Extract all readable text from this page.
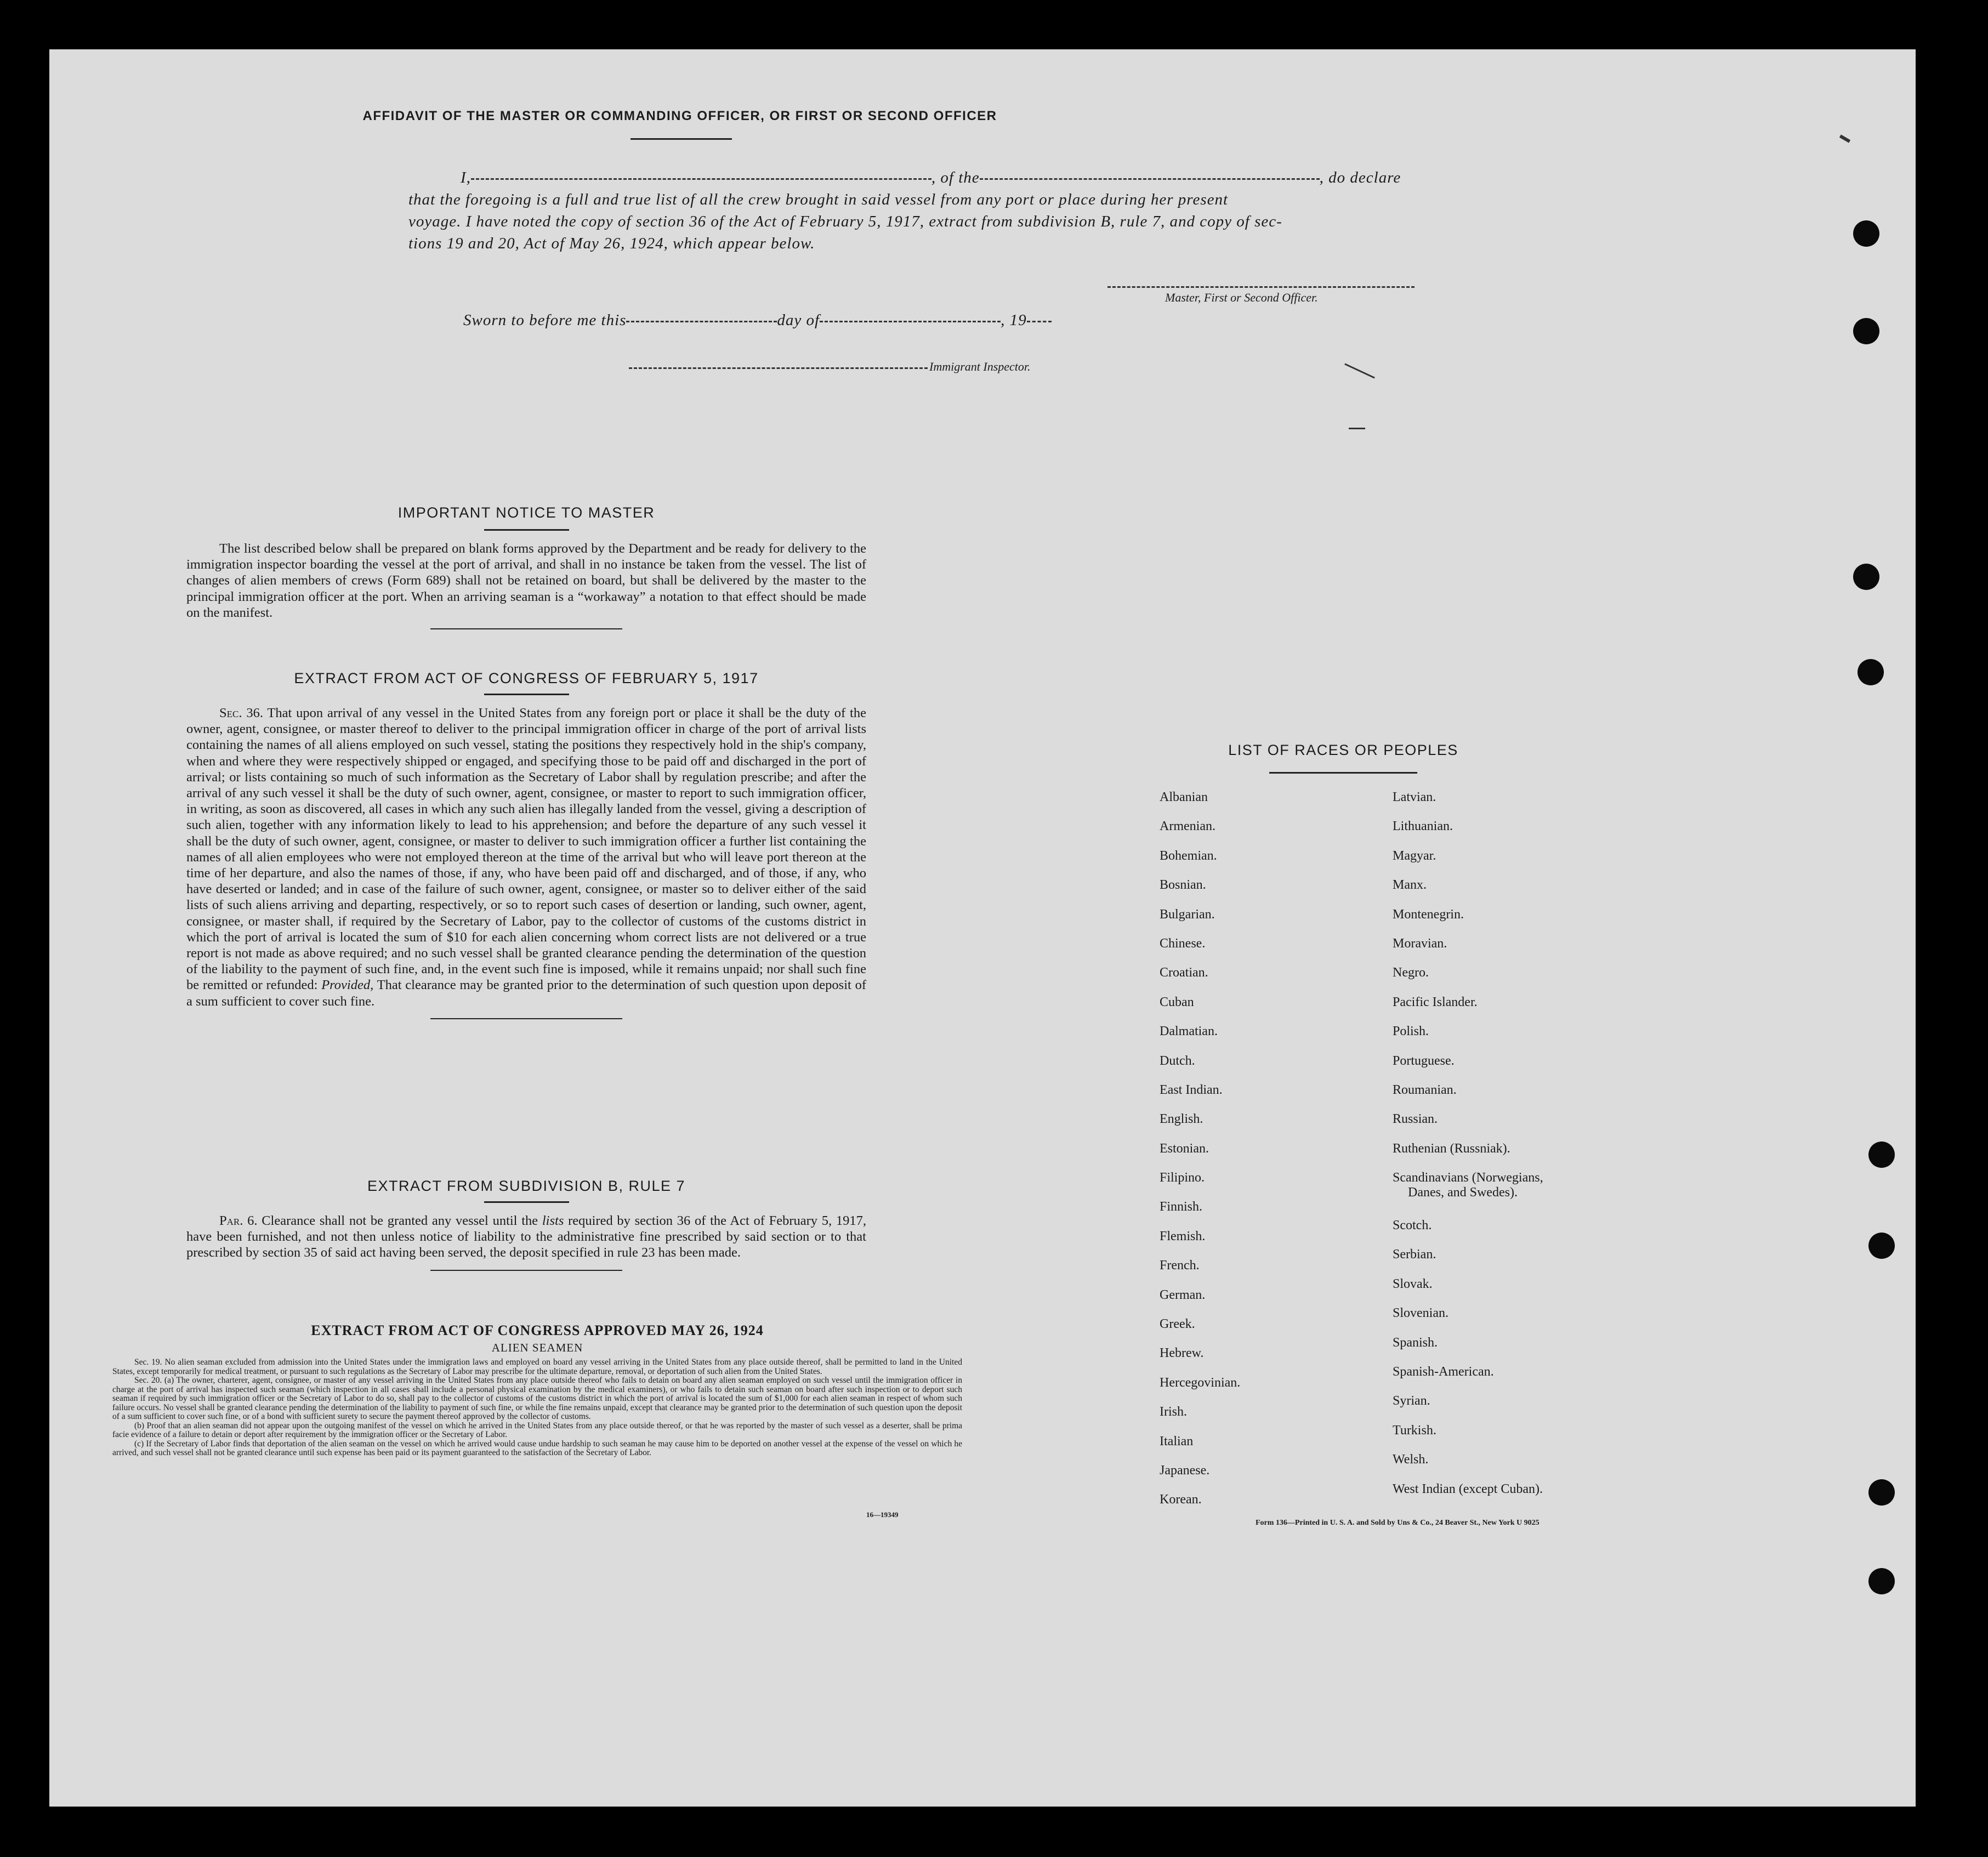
AFFIDAVIT OF THE MASTER OR COMMANDING OFFICER, OR FIRST OR SECOND OFFICER
I,	, of the	, do declare
that the foregoing is a full and true list of all the crew brought in said vessel from any port or place during her present
voyage. I have noted the copy of section 36 of the Act of February 5, 1917, extract from subdivision B, rule 7, and copy of sec-
tions 19 and 20, Act of May 26, 1924, which appear below.
Master, First or Second Officer.
Sworn to before me this	day of	, 19
Immigrant Inspector.
IMPORTANT NOTICE TO MASTER

The list described below shall be prepared on blank forms approved by the Department and be ready for delivery to the immigration inspector boarding the vessel at the port of arrival, and shall in no instance be taken from the vessel. The list of changes of alien members of crews (Form 689) shall not be retained on board, but shall be delivered by the master to the principal immigration officer at the port. When an arriving seaman is a “workaway” a notation to that effect should be made on the manifest.

EXTRACT FROM ACT OF CONGRESS OF FEBRUARY 5, 1917

Sec. 36. That upon arrival of any vessel in the United States from any foreign port or place it shall be the duty of the owner, agent, consignee, or master thereof to deliver to the principal immigration officer in charge of the port of arrival lists containing the names of all aliens employed on such vessel, stating the positions they respectively hold in the ship's company, when and where they were respectively shipped or engaged, and specifying those to be paid off and discharged in the port of arrival; or lists containing so much of such information as the Secretary of Labor shall by regulation prescribe; and after the arrival of any such vessel it shall be the duty of such owner, agent, consignee, or master to report to such immigration officer, in writing, as soon as discovered, all cases in which any such alien has illegally landed from the vessel, giving a description of such alien, together with any information likely to lead to his apprehension; and before the departure of any such vessel it shall be the duty of such owner, agent, consignee, or master to deliver to such immigration officer a further list containing the names of all alien employees who were not employed thereon at the time of the arrival but who will leave port thereon at the time of her departure, and also the names of those, if any, who have been paid off and discharged, and of those, if any, who have deserted or landed; and in case of the failure of such owner, agent, consignee, or master so to deliver either of the said lists of such aliens arriving and departing, respectively, or so to report such cases of desertion or landing, such owner, agent, consignee, or master shall, if required by the Secretary of Labor, pay to the collector of customs of the customs district in which the port of arrival is located the sum of $10 for each alien concerning whom correct lists are not delivered or a true report is not made as above required; and no such vessel shall be granted clearance pending the determination of the question of the liability to the payment of such fine, and, in the event such fine is imposed, while it remains unpaid; nor shall such fine be remitted or refunded: Provided, That clearance may be granted prior to the determination of such question upon deposit of a sum sufficient to cover such fine.

EXTRACT FROM SUBDIVISION B, RULE 7

Par. 6. Clearance shall not be granted any vessel until the lists required by section 36 of the Act of February 5, 1917, have been furnished, and not then unless notice of liability to the administrative fine prescribed by said section or to that prescribed by section 35 of said act having been served, the deposit specified in rule 23 has been made.

EXTRACT FROM ACT OF CONGRESS APPROVED MAY 26, 1924
ALIEN SEAMEN

Sec. 19. No alien seaman excluded from admission into the United States under the immigration laws and employed on board any vessel arriving in the United States from any place outside thereof, shall be permitted to land in the United States, except temporarily for medical treatment, or pursuant to such regulations as the Secretary of Labor may prescribe for the ultimate departure, removal, or deportation of such alien from the United States.

Sec. 20. (a) The owner, charterer, agent, consignee, or master of any vessel arriving in the United States from any place outside thereof who fails to detain on board any alien seaman employed on such vessel until the immigration officer in charge at the port of arrival has inspected such seaman (which inspection in all cases shall include a personal physical examination by the medical examiners), or who fails to detain such seaman on board after such inspection or to deport such seaman if required by such immigration officer or the Secretary of Labor to do so, shall pay to the collector of customs of the customs district in which the port of arrival is located the sum of $1,000 for each alien seaman in respect of whom such failure occurs. No vessel shall be granted clearance pending the determination of the liability to payment of such fine, or while the fine remains unpaid, except that clearance may be granted prior to the determination of such question upon the deposit of a sum sufficient to cover such fine, or of a bond with sufficient surety to secure the payment thereof approved by the collector of customs.

(b) Proof that an alien seaman did not appear upon the outgoing manifest of the vessel on which he arrived in the United States from any place outside thereof, or that he was reported by the master of such vessel as a deserter, shall be prima facie evidence of a failure to detain or deport after requirement by the immigration officer or the Secretary of Labor.

(c) If the Secretary of Labor finds that deportation of the alien seaman on the vessel on which he arrived would cause undue hardship to such seaman he may cause him to be deported on another vessel at the expense of the vessel on which he arrived, and such vessel shall not be granted clearance until such expense has been paid or its payment guaranteed to the satisfaction of the Secretary of Labor.

16—19349
LIST OF RACES OR PEOPLES
Albanian
Armenian.
Bohemian.
Bosnian.
Bulgarian.
Chinese.
Croatian.
Cuban
Dalmatian.
Dutch.
East Indian.
English.
Estonian.
Filipino.
Finnish.
Flemish.
French.
German.
Greek.
Hebrew.
Hercegovinian.
Irish.
Italian
Japanese.
Korean.
Latvian.
Lithuanian.
Magyar.
Manx.
Montenegrin.
Moravian.
Negro.
Pacific Islander.
Polish.
Portuguese.
Roumanian.
Russian.
Ruthenian (Russniak).
Scandinavians (Norwegians,
Danes, and Swedes).
Scotch.
Serbian.
Slovak.
Slovenian.
Spanish.
Spanish-American.
Syrian.
Turkish.
Welsh.
West Indian (except Cuban).
Form 136—Printed in U. S. A. and Sold by Uns & Co., 24 Beaver St., New York U 9025
